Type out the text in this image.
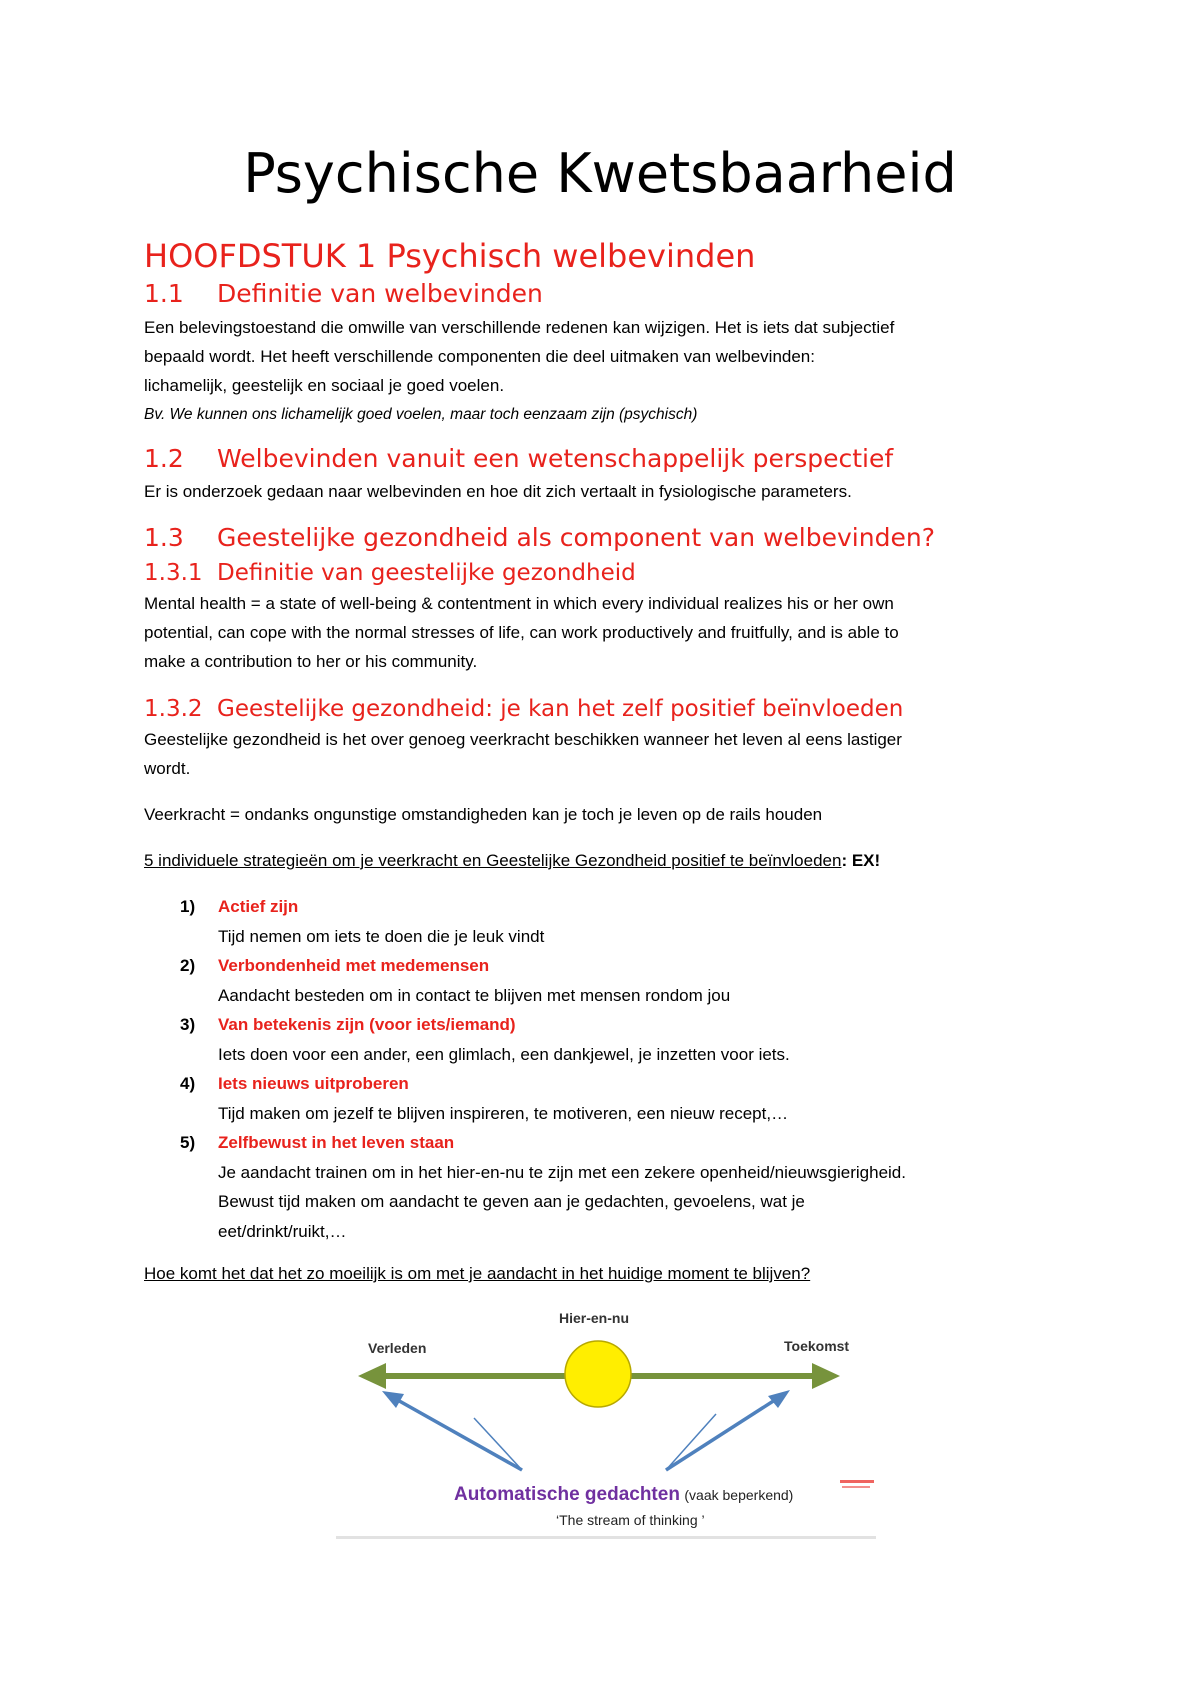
Psychische Kwetsbaarheid
HOOFDSTUK 1 Psychisch welbevinden
1.1 Definitie van welbevinden
Een belevingstoestand die omwille van verschillende redenen kan wijzigen. Het is iets dat subjectief
bepaald wordt. Het heeft verschillende componenten die deel uitmaken van welbevinden:
lichamelijk, geestelijk en sociaal je goed voelen.
Bv. We kunnen ons lichamelijk goed voelen, maar toch eenzaam zijn (psychisch)
1.2 Welbevinden vanuit een wetenschappelijk perspectief
Er is onderzoek gedaan naar welbevinden en hoe dit zich vertaalt in fysiologische parameters.
1.3 Geestelijke gezondheid als component van welbevinden?
1.3.1 Definitie van geestelijke gezondheid
Mental health = a state of well-being & contentment in which every individual realizes his or her own
potential, can cope with the normal stresses of life, can work productively and fruitfully, and is able to
make a contribution to her or his community.
1.3.2 Geestelijke gezondheid: je kan het zelf positief beïnvloeden
Geestelijke gezondheid is het over genoeg veerkracht beschikken wanneer het leven al eens lastiger
wordt.
Veerkracht = ondanks ongunstige omstandigheden kan je toch je leven op de rails houden
5 individuele strategieën om je veerkracht en Geestelijke Gezondheid positief te beïnvloeden: EX!
1) Actief zijn
Tijd nemen om iets te doen die je leuk vindt
2) Verbondenheid met medemensen
Aandacht besteden om in contact te blijven met mensen rondom jou
3) Van betekenis zijn (voor iets/iemand)
Iets doen voor een ander, een glimlach, een dankjewel, je inzetten voor iets.
4) Iets nieuws uitproberen
Tijd maken om jezelf te blijven inspireren, te motiveren, een nieuw recept,…
5) Zelfbewust in het leven staan
Je aandacht trainen om in het hier-en-nu te zijn met een zekere openheid/nieuwsgierigheid.
Bewust tijd maken om aandacht te geven aan je gedachten, gevoelens, wat je
eet/drinkt/ruikt,…
Hoe komt het dat het zo moeilijk is om met je aandacht in het huidige moment te blijven?
Hier-en-nu
Verleden	Toekomst
Automatische gedachten (vaak beperkend)
‘The stream of thinking ’
